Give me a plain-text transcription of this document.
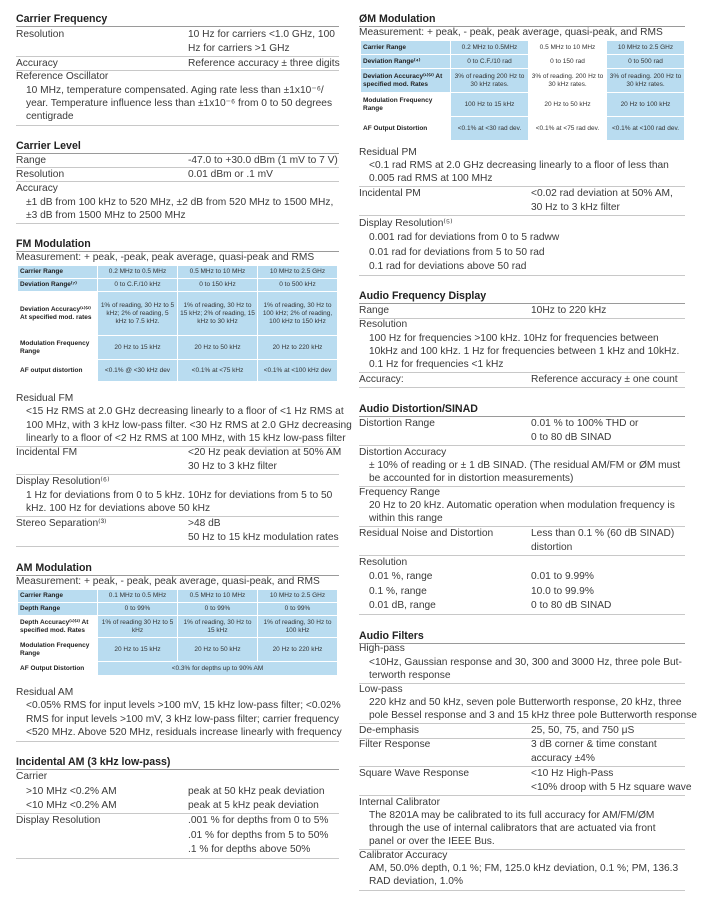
Carrier Frequency
Resolution	10 Hz for carriers <1.0 GHz, 100
Hz for carriers >1 GHz
Accuracy	Reference accuracy ± three digits
Reference Oscillator
10 MHz, temperature compensated. Aging rate less than ±1x10⁻⁶/
year. Temperature influence less than ±1x10⁻⁶ from 0 to 50 degrees
centigrade
Carrier Level
Range	-47.0 to +30.0 dBm (1 mV to 7 V)
Resolution	0.01 dBm or .1 mV
Accuracy
±1 dB from 100 kHz to 520 MHz, ±2 dB from 520 MHz to 1500 MHz,
±3 dB from 1500 MHz to 2500 MHz
FM Modulation
Measurement: + peak, -peak, peak average, quasi-peak and RMS
Carrier Range	0.2 MHz to 0.5 MHz	0.5 MHz to 10 MHz	10 MHz to 2.5 GHz
Deviation Range⁽⁷⁾	0 to C.F./10 kHz	0 to 150 kHz	0 to 500 kHz
Deviation Accuracy⁽¹⁾⁽²⁾ At specified mod. rates	1% of reading, 30 Hz to 5 kHz; 2% of reading, 5 kHz to 7.5 kHz.	1% of reading, 30 Hz to 15 kHz; 2% of reading, 15 kHz to 30 kHz	1% of reading, 30 Hz to 100 kHz; 2% of reading, 100 kHz to 150 kHz
Modulation Frequency Range	20 Hz to 15 kHz	20 Hz to 50 kHz	20 Hz to 220 kHz
AF output distortion	<0.1% @ <30 kHz dev	<0.1% at <75 kHz	<0.1% at <100 kHz dev
Residual FM
<15 Hz RMS at 2.0 GHz decreasing linearly to a floor of <1 Hz RMS at
100 MHz, with 3 kHz low-pass filter. <30 Hz RMS at 2.0 GHz decreasing
linearly to a floor of <2 Hz RMS at 100 MHz, with 15 kHz low-pass filter
Incidental FM	<20 Hz peak deviation at 50% AM
30 Hz to 3 kHz filter
Display Resolution⁽⁶⁾
1 Hz for deviations from 0 to 5 kHz. 10Hz for deviations from 5 to 50
kHz. 100 Hz for deviations above 50 kHz
Stereo Separation⁽³⁾	>48 dB
50 Hz to 15 kHz modulation rates
AM Modulation
Measurement: + peak, - peak, peak average, quasi-peak, and RMS
Carrier Range	0.1 MHz to 0.5 MHz	0.5 MHz to 10 MHz	10 MHz to 2.5 GHz
Depth Range	0 to 99%	0 to 99%	0 to 99%
Depth Accuracy⁽¹⁾⁽²⁾ At specified mod. Rates	1% of reading 30 Hz to 5 kHz	1% of reading, 30 Hz to 15 kHz	1% of reading, 30 Hz to 100 kHz
Modulation Frequency Range	20 Hz to 15 kHz	20 Hz to 50 kHz	20 Hz to 220 kHz
AF Output Distortion	<0.3% for depths up to 90% AM		
Residual AM
<0.05% RMS for input levels >100 mV, 15 kHz low-pass filter; <0.02%
RMS for input levels >100 mV, 3 kHz low-pass filter; carrier frequency
<520 MHz. Above 520 MHz, residuals increase linearly with frequency
Incidental AM (3 kHz low-pass)
Carrier
>10 MHz <0.2% AM	peak at 50 kHz peak deviation
<10 MHz <0.2% AM	peak at 5 kHz peak deviation
Display Resolution	.001 % for depths from 0 to 5%
.01 % for depths from 5 to 50%
.1 % for depths above 50%
ØM Modulation
Measurement: + peak, - peak, peak average, quasi-peak, and RMS
Carrier Range	0.2 MHz to 0.5MHz	0.5 MHz to 10 MHz	10 MHz to 2.5 GHz
Deviation Range⁽⁴⁾	0 to C.F./10 rad	0 to 150 rad	0 to 500 rad
Deviation Accuracy⁽¹⁾⁽²⁾ At specified mod. Rates	3% of reading 200 Hz to 30 kHz rates.	3% of reading. 200 Hz to 30 kHz rates.	3% of reading. 200 Hz to 30 kHz rates.
Modulation Frequency Range	100 Hz to 15 kHz	20 Hz to 50 kHz	20 Hz to 100 kHz
AF Output Distortion	<0.1% at <30 rad dev.	<0.1% at <75 rad dev.	<0.1% at <100 rad dev.
Residual PM
<0.1 rad RMS at 2.0 GHz decreasing linearly to a floor of less than
0.005 rad RMS at 100 MHz
Incidental PM	<0.02 rad deviation at 50% AM,
30 Hz to 3 kHz filter
Display Resolution⁽⁵⁾
0.001 rad for deviations from 0 to 5 radww
0.01 rad for deviations from 5 to 50 rad
0.1 rad for deviations above 50 rad
Audio Frequency Display
Range	10Hz to 220 kHz
Resolution
100 Hz for frequencies >100 kHz. 10Hz for frequencies between
10kHz and 100 kHz. 1 Hz for frequencies between 1 kHz and 10kHz.
0.1 Hz for frequencies <1 kHz
Accuracy:	Reference accuracy ± one count
Audio Distortion/SINAD
Distortion Range	0.01 % to 100% THD or
0 to 80 dB SINAD
Distortion Accuracy
± 10% of reading or ± 1 dB SINAD. (The residual AM/FM or ØM must
be accounted for in distortion measurements)
Frequency Range
20 Hz to 20 kHz. Automatic operation when modulation frequency is
within this range
Residual Noise and Distortion	Less than 0.1 % (60 dB SINAD)
distortion
Resolution
0.01 %, range	0.01 to 9.99%
0.1 %, range	10.0 to 99.9%
0.01 dB, range	0 to 80 dB SINAD
Audio Filters
High-pass
<10Hz, Gaussian response and 30, 300 and 3000 Hz, three pole But-
terworth response
Low-pass
220 kHz and 50 kHz, seven pole Butterworth response, 20 kHz, three
pole Bessel response and 3 and 15 kHz three pole Butterworth response
De-emphasis	25, 50, 75, and 750 μS
Filter Response	3 dB corner & time constant
accuracy ±4%
Square Wave Response	<10 Hz High-Pass
<10% droop with 5 Hz square wave
Internal Calibrator
The 8201A may be calibrated to its full accuracy for AM/FM/ØM
through the use of internal calibrators that are actuated via front
panel or over the IEEE Bus.
Calibrator Accuracy
AM, 50.0% depth, 0.1 %; FM, 125.0 kHz deviation, 0.1 %; PM, 136.3
RAD deviation, 1.0%
